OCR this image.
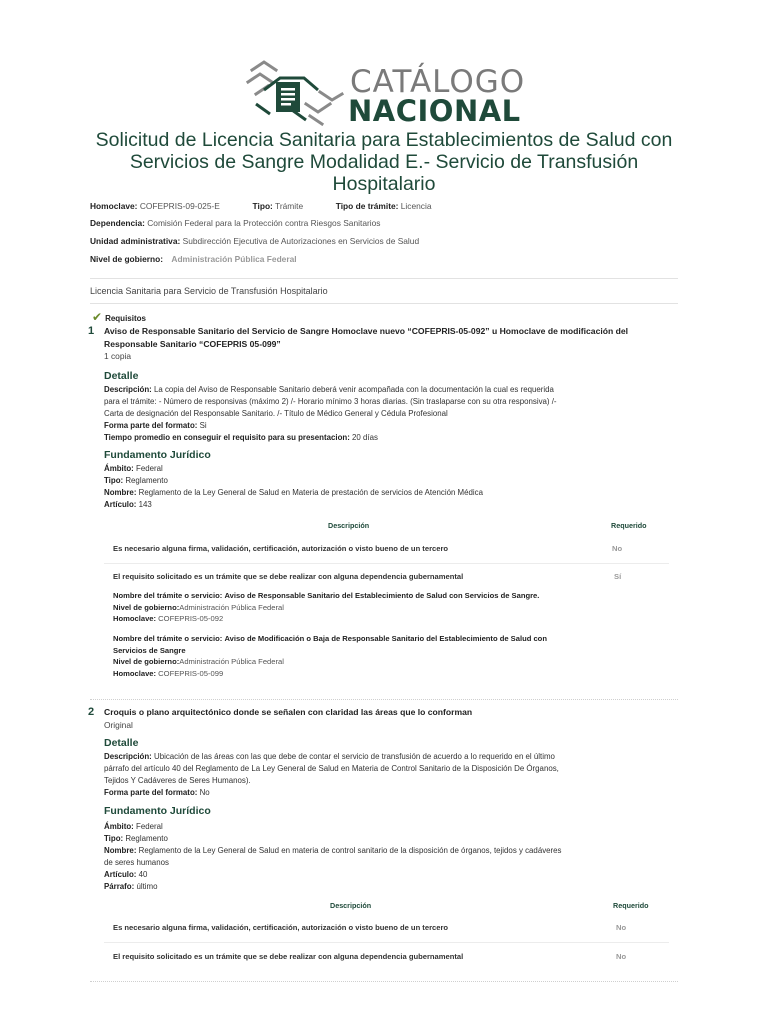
CATÁLOGO
NACIONAL
Solicitud de Licencia Sanitaria para Establecimientos de Salud con Servicios de Sangre Modalidad E.- Servicio de Transfusión Hospitalario
Homoclave: COFEPRIS-09-025-E	Tipo: Trámite	Tipo de trámite: Licencia
Dependencia: Comisión Federal para la Protección contra Riesgos Sanitarios
Unidad administrativa: Subdirección Ejecutiva de Autorizaciones en Servicios de Salud
Nivel de gobierno: Administración Pública Federal
Licencia Sanitaria para Servicio de Transfusión Hospitalario
✔ Requisitos
1 Aviso de Responsable Sanitario del Servicio de Sangre Homoclave nuevo “COFEPRIS-05-092” u Homoclave de modificación del Responsable Sanitario “COFEPRIS 05-099”
1 copia
Detalle
Descripción: La copia del Aviso de Responsable Sanitario deberá venir acompañada con la documentación la cual es requerida
para el trámite: - Número de responsivas (máximo 2) /- Horario mínimo 3 horas diarias. (Sin traslaparse con su otra responsiva) /-
Carta de designación del Responsable Sanitario. /- Título de Médico General y Cédula Profesional
Forma parte del formato: Si
Tiempo promedio en conseguir el requisito para su presentacion: 20 días
Fundamento Jurídico
Ámbito: Federal
Tipo: Reglamento
Nombre: Reglamento de la Ley General de Salud en Materia de prestación de servicios de Atención Médica
Artículo: 143
Descripción	Requerido
Es necesario alguna firma, validación, certificación, autorización o visto bueno de un tercero	No
El requisito solicitado es un trámite que se debe realizar con alguna dependencia gubernamental	Sí
Nombre del trámite o servicio: Aviso de Responsable Sanitario del Establecimiento de Salud con Servicios de Sangre.
Nivel de gobierno:Administración Pública Federal
Homoclave: COFEPRIS-05-092
Nombre del trámite o servicio: Aviso de Modificación o Baja de Responsable Sanitario del Establecimiento de Salud con
Servicios de Sangre
Nivel de gobierno:Administración Pública Federal
Homoclave: COFEPRIS-05-099
2 Croquis o plano arquitectónico donde se señalen con claridad las áreas que lo conforman
Original
Detalle
Descripción: Ubicación de las áreas con las que debe de contar el servicio de transfusión de acuerdo a lo requerido en el último
párrafo del artículo 40 del Reglamento de La Ley General de Salud en Materia de Control Sanitario de la Disposición De Órganos,
Tejidos Y Cadáveres de Seres Humanos).
Forma parte del formato: No
Fundamento Jurídico
Ámbito: Federal
Tipo: Reglamento
Nombre: Reglamento de la Ley General de Salud en materia de control sanitario de la disposición de órganos, tejidos y cadáveres
de seres humanos
Artículo: 40
Párrafo: último
Descripción	Requerido
Es necesario alguna firma, validación, certificación, autorización o visto bueno de un tercero	No
El requisito solicitado es un trámite que se debe realizar con alguna dependencia gubernamental	No
